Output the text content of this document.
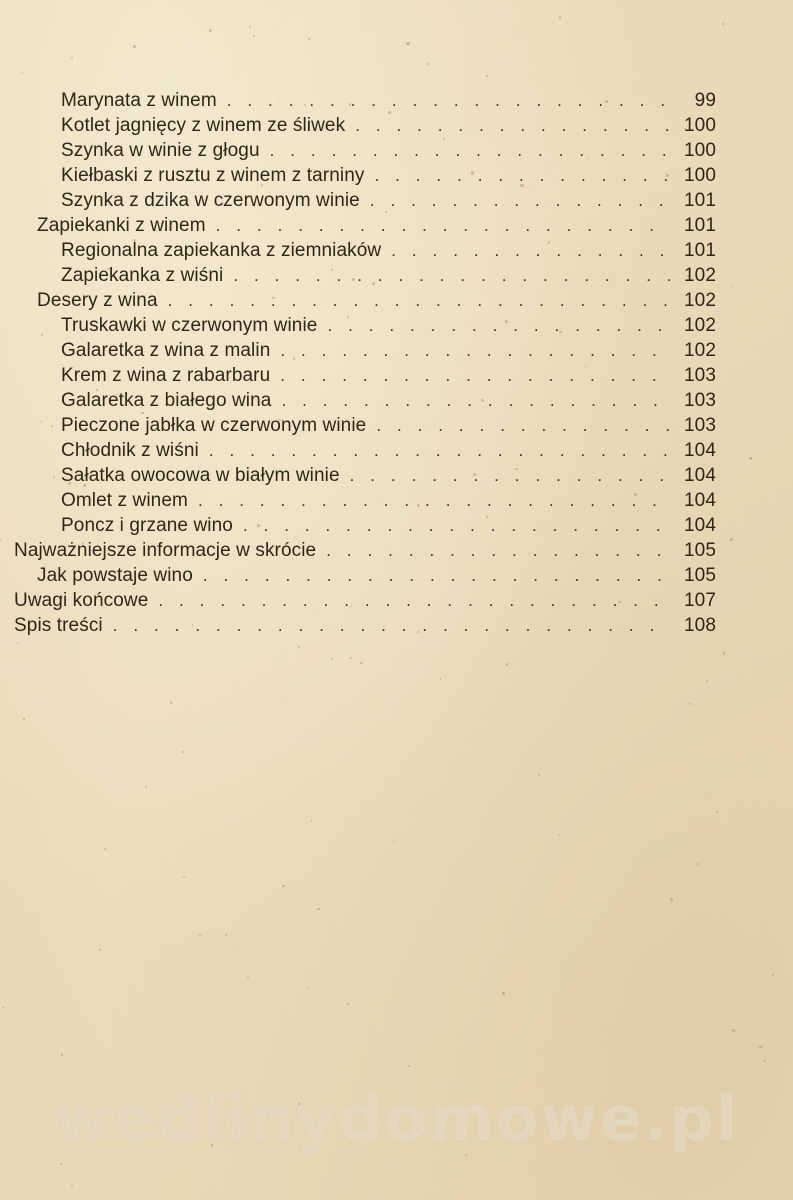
Marynata z winem . . .	99
Kotlet jagnięcy z winem ze śliwek . . .	100
Szynka w winie z głogu . . .	100
Kiełbaski z rusztu z winem z tarniny . . .	100
Szynka z dzika w czerwonym winie . . .	101
Zapiekanki z winem . . .	101
Regionalna zapiekanka z ziemniaków . . .	101
Zapiekanka z wiśni . . .	102
Desery z wina . . .	102
Truskawki w czerwonym winie . . .	102
Galaretka z wina z malin . . .	102
Krem z wina z rabarbaru . . .	103
Galaretka z białego wina . . .	103
Pieczone jabłka w czerwonym winie . . .	103
Chłodnik z wiśni . . .	104
Sałatka owocowa w białym winie . . .	104
Omlet z winem . . .	104
Poncz i grzane wino . . .	104
Najważniejsze informacje w skrócie . . .	105
Jak powstaje wino . . .	105
Uwagi końcowe . . .	107
Spis treści . . .	108
wedlinydomowe.pl
